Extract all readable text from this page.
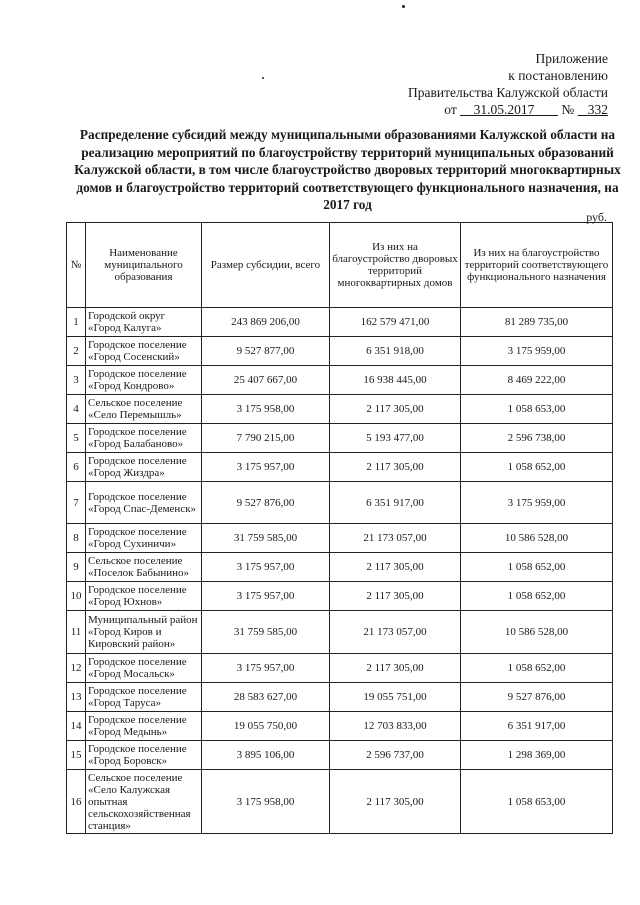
Приложение
к постановлению
Правительства Калужской области
от 31.05.2017 № 332
Распределение субсидий между муниципальными образованиями Калужской области на реализацию мероприятий по благоустройству территорий муниципальных образований Калужской области, в том числе благоустройство дворовых территорий многоквартирных домов и благоустройство территорий соответствующего функционального назначения, на 2017 год
руб.
№	Наименование муниципального образования	Размер субсидии, всего	Из них на благоустройство дворовых территорий многоквартирных домов	Из них на благоустройство территорий соответствующего функционального назначения
1	Городской округ «Город Калуга»	243 869 206,00	162 579 471,00	81 289 735,00
2	Городское поселение «Город Сосенский»	9 527 877,00	6 351 918,00	3 175 959,00
3	Городское поселение «Город Кондрово»	25 407 667,00	16 938 445,00	8 469 222,00
4	Сельское поселение «Село Перемышль»	3 175 958,00	2 117 305,00	1 058 653,00
5	Городское поселение «Город Балабаново»	7 790 215,00	5 193 477,00	2 596 738,00
6	Городское поселение «Город Жиздра»	3 175 957,00	2 117 305,00	1 058 652,00
7	Городское поселение «Город Спас-Деменск»	9 527 876,00	6 351 917,00	3 175 959,00
8	Городское поселение «Город Сухиничи»	31 759 585,00	21 173 057,00	10 586 528,00
9	Сельское поселение «Поселок Бабынино»	3 175 957,00	2 117 305,00	1 058 652,00
10	Городское поселение «Город Юхнов»	3 175 957,00	2 117 305,00	1 058 652,00
11	Муниципальный район «Город Киров и Кировский район»	31 759 585,00	21 173 057,00	10 586 528,00
12	Городское поселение «Город Мосальск»	3 175 957,00	2 117 305,00	1 058 652,00
13	Городское поселение «Город Таруса»	28 583 627,00	19 055 751,00	9 527 876,00
14	Городское поселение «Город Медынь»	19 055 750,00	12 703 833,00	6 351 917,00
15	Городское поселение «Город Боровск»	3 895 106,00	2 596 737,00	1 298 369,00
16	Сельское поселение «Село Калужская опытная сельскохозяйственная станция»	3 175 958,00	2 117 305,00	1 058 653,00
